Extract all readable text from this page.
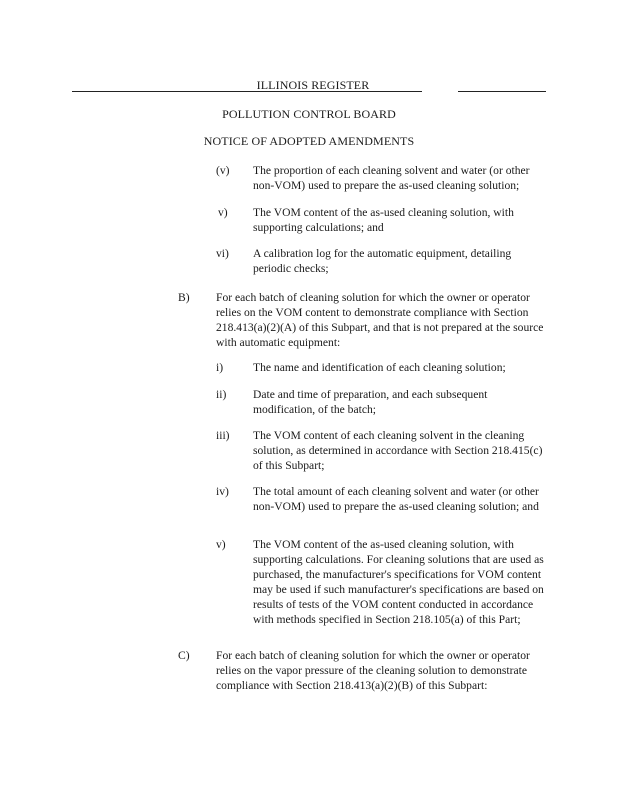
ILLINOIS REGISTER
POLLUTION CONTROL BOARD
NOTICE OF ADOPTED AMENDMENTS
(v) The proportion of each cleaning solvent and water (or other non-VOM) used to prepare the as-used cleaning solution;
v) The VOM content of the as-used cleaning solution, with supporting calculations; and
vi) A calibration log for the automatic equipment, detailing periodic checks;
B) For each batch of cleaning solution for which the owner or operator relies on the VOM content to demonstrate compliance with Section 218.413(a)(2)(A) of this Subpart, and that is not prepared at the source with automatic equipment:
i)	The name and identification of each cleaning solution;
ii) Date and time of preparation, and each subsequent modification, of the batch;
iii) The VOM content of each cleaning solvent in the cleaning solution, as determined in accordance with Section 218.415(c) of this Subpart;
iv) The total amount of each cleaning solvent and water (or other non-VOM) used to prepare the as-used cleaning solution; and
v) The VOM content of the as-used cleaning solution, with supporting calculations. For cleaning solutions that are used as purchased, the manufacturer's specifications for VOM content may be used if such manufacturer's specifications are based on results of tests of the VOM content conducted in accordance with methods specified in Section 218.105(a) of this Part;
C) For each batch of cleaning solution for which the owner or operator relies on the vapor pressure of the cleaning solution to demonstrate compliance with Section 218.413(a)(2)(B) of this Subpart:
